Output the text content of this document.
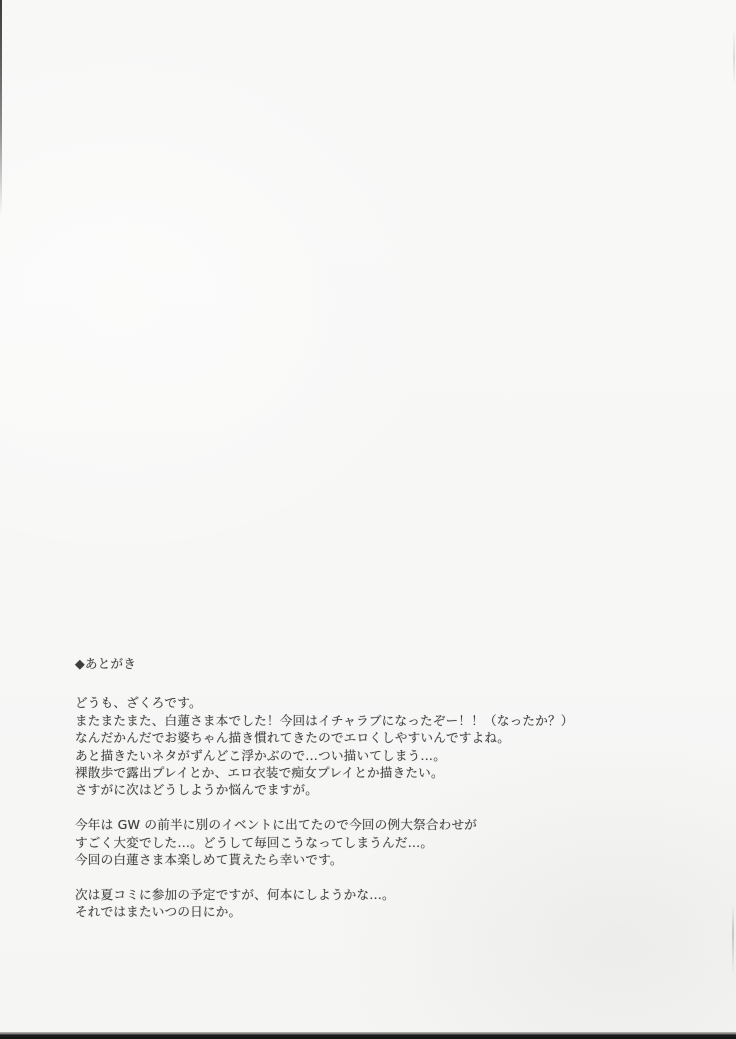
◆あとがき

どうも、ざくろです。
またまたまた、白蓮さま本でした！今回はイチャラブになったぞー！！（なったか？）
なんだかんだでお婆ちゃん描き慣れてきたのでエロくしやすいんですよね。
あと描きたいネタがずんどこ浮かぶので…つい描いてしまう…。
裸散歩で露出プレイとか、エロ衣装で痴女プレイとか描きたい。
さすがに次はどうしようか悩んでますが。

今年は GW の前半に別のイベントに出てたので今回の例大祭合わせが
すごく大変でした…。どうして毎回こうなってしまうんだ…。
今回の白蓮さま本楽しめて貰えたら幸いです。

次は夏コミに参加の予定ですが、何本にしようかな…。
それではまたいつの日にか。
